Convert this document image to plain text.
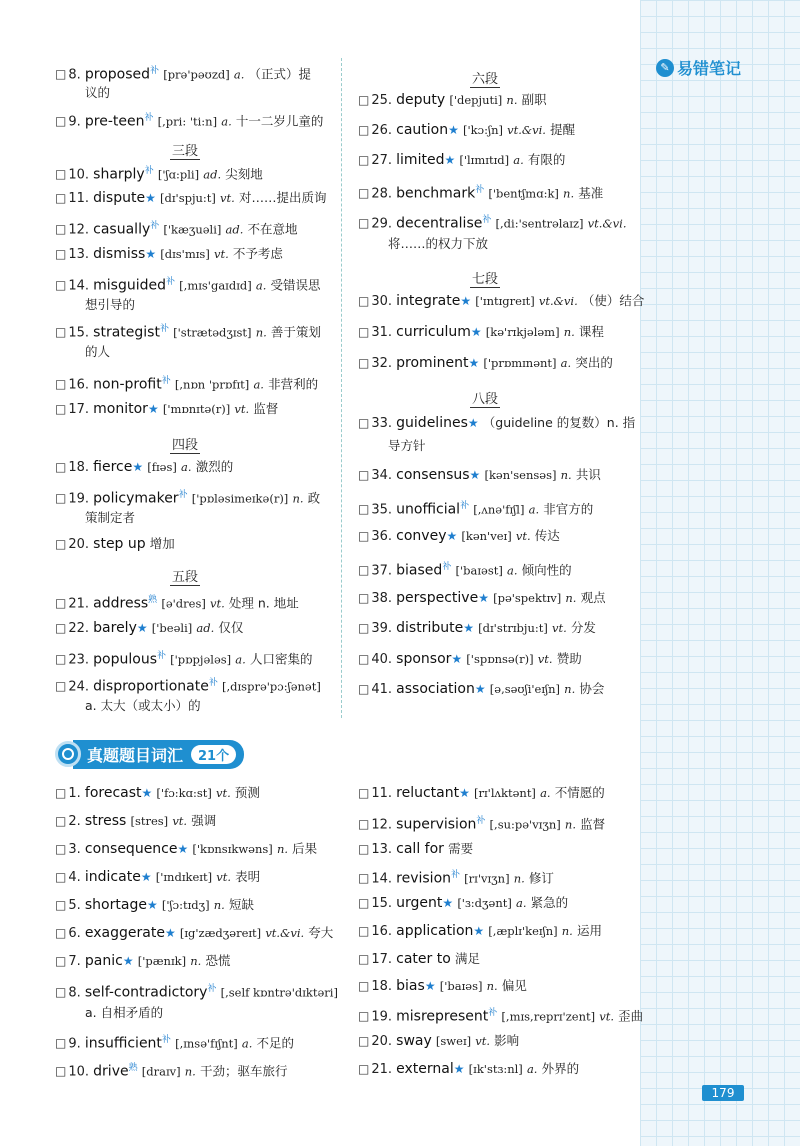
✎ 易错笔记
三段
四段
五段
六段
七段
八段
□ 8. proposed$^补$ [prə'pəʊzd] a. （正式）提
议的
□ 9. pre-teen$^补$ [,pri: 'ti:n] a. 十一二岁儿童的
□ 10. sharply$^补$ ['ʃɑ:pli] ad. 尖刻地
□ 11. dispute★ [dɪ'spju:t] vt. 对……提出质询
□ 12. casually$^补$ ['kæʒuəli] ad. 不在意地
□ 13. dismiss★ [dɪs'mɪs] vt. 不予考虑
□ 14. misguided$^补$ [,mɪs'gaɪdɪd] a. 受错误思
想引导的
□ 15. strategist$^补$ ['strætədʒɪst] n. 善于策划
的人
□ 16. non-profit$^补$ [,nɒn 'prɒfɪt] a. 非营利的
□ 17. monitor★ ['mɒnɪtə(r)] vt. 监督
□ 18. fierce★ [fɪəs] a. 激烈的
□ 19. policymaker$^补$ ['pɒləsimeɪkə(r)] n. 政
策制定者
□ 20. step up 增加
□ 21. address$^熟$ [ə'dres] vt. 处理 n. 地址
□ 22. barely★ ['beəli] ad. 仅仅
□ 23. populous$^补$ ['pɒpjələs] a. 人口密集的
□ 24. disproportionate$^补$ [,dɪsprə'pɔ:ʃənət]
a. 太大（或太小）的
□ 25. deputy ['depjuti] n. 副职
□ 26. caution★ ['kɔ:ʃn] vt.&vi. 提醒
□ 27. limited★ ['lɪmɪtɪd] a. 有限的
□ 28. benchmark$^补$ ['bentʃmɑ:k] n. 基准
□ 29. decentralise$^补$ [,di:'sentrəlaɪz] vt.&vi.
将……的权力下放
□ 30. integrate★ ['ɪntɪgreɪt] vt.&vi. （使）结合
□ 31. curriculum★ [kə'rɪkjələm] n. 课程
□ 32. prominent★ ['prɒmɪnənt] a. 突出的
□ 33. guidelines★ （guideline 的复数）n. 指
导方针
□ 34. consensus★ [kən'sensəs] n. 共识
□ 35. unofficial$^补$ [,ʌnə'fɪʃl] a. 非官方的
□ 36. convey★ [kən'veɪ] vt. 传达
□ 37. biased$^补$ ['baɪəst] a. 倾向性的
□ 38. perspective★ [pə'spektɪv] n. 观点
□ 39. distribute★ [dɪ'strɪbju:t] vt. 分发
□ 40. sponsor★ ['spɒnsə(r)] vt. 赞助
□ 41. association★ [ə,səʊʃi'eɪʃn] n. 协会
□ 1. forecast★ ['fɔ:kɑ:st] vt. 预测
□ 2. stress [stres] vt. 强调
□ 3. consequence★ ['kɒnsɪkwəns] n. 后果
□ 4. indicate★ ['ɪndɪkeɪt] vt. 表明
□ 5. shortage★ ['ʃɔ:tɪdʒ] n. 短缺
□ 6. exaggerate★ [ɪg'zædʒəreɪt] vt.&vi. 夸大
□ 7. panic★ ['pænɪk] n. 恐慌
□ 8. self-contradictory$^补$ [,self kɒntrə'dɪktəri]
a. 自相矛盾的
□ 9. insufficient$^补$ [,ɪnsə'fɪʃnt] a. 不足的
□ 10. drive$^熟$ [draɪv] n. 干劲；驱车旅行
□ 11. reluctant★ [rɪ'lʌktənt] a. 不情愿的
□ 12. supervision$^补$ [,su:pə'vɪʒn] n. 监督
□ 13. call for 需要
□ 14. revision$^补$ [rɪ'vɪʒn] n. 修订
□ 15. urgent★ ['ɜ:dʒənt] a. 紧急的
□ 16. application★ [,æplɪ'keɪʃn] n. 运用
□ 17. cater to 满足
□ 18. bias★ ['baɪəs] n. 偏见
□ 19. misrepresent$^补$ [,mɪs,reprɪ'zent] vt. 歪曲
□ 20. sway [sweɪ] vt. 影响
□ 21. external★ [ɪk'stɜ:nl] a. 外界的
真题题目词汇	21个
179
